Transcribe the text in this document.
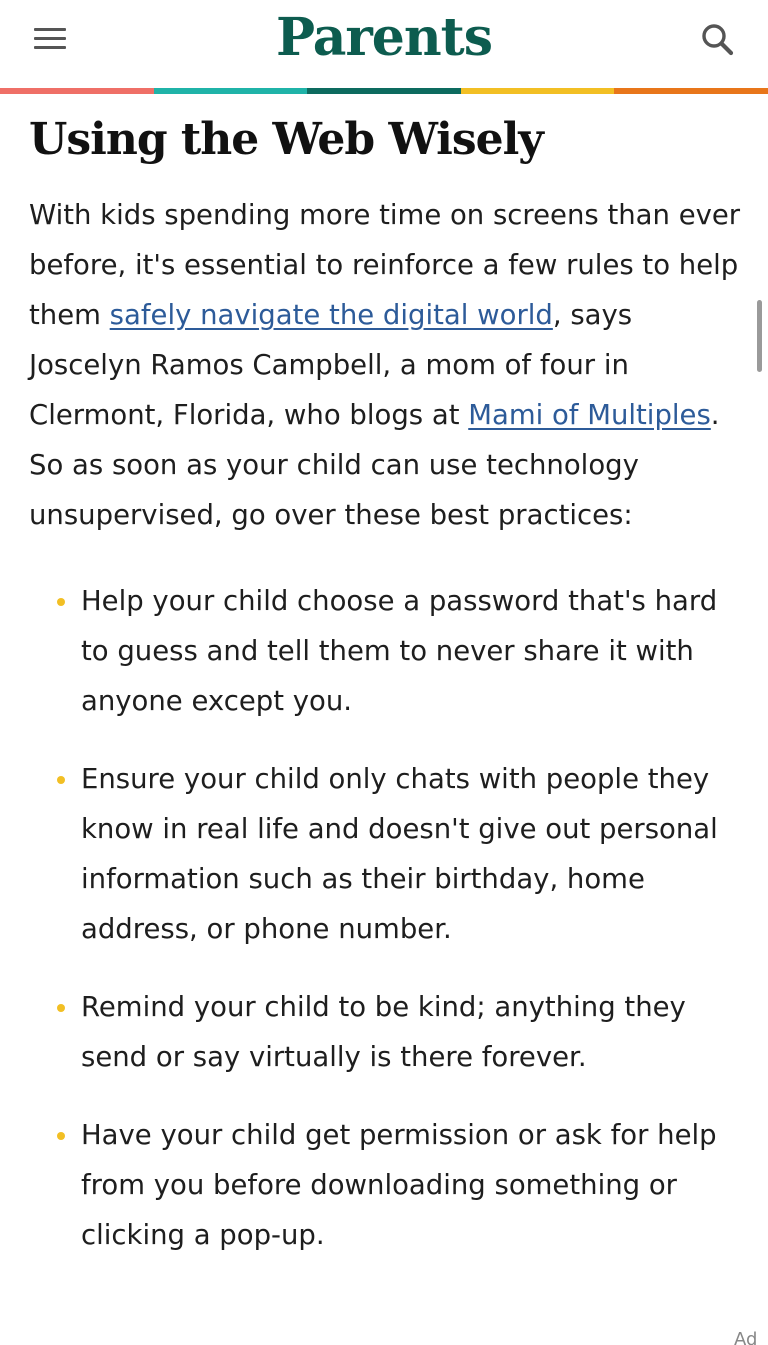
Parents
Using the Web Wisely

With kids spending more time on screens than ever before, it's essential to reinforce a few rules to help them safely navigate the digital world, says Joscelyn Ramos Campbell, a mom of four in Clermont, Florida, who blogs at Mami of Multiples. So as soon as your child can use technology unsupervised, go over these best practices:

Help your child choose a password that's hard to guess and tell them to never share it with anyone except you.
Ensure your child only chats with people they know in real life and doesn't give out personal information such as their birthday, home address, or phone number.
Remind your child to be kind; anything they send or say virtually is there forever.
Have your child get permission or ask for help from you before downloading something or clicking a pop-up.
Ad
